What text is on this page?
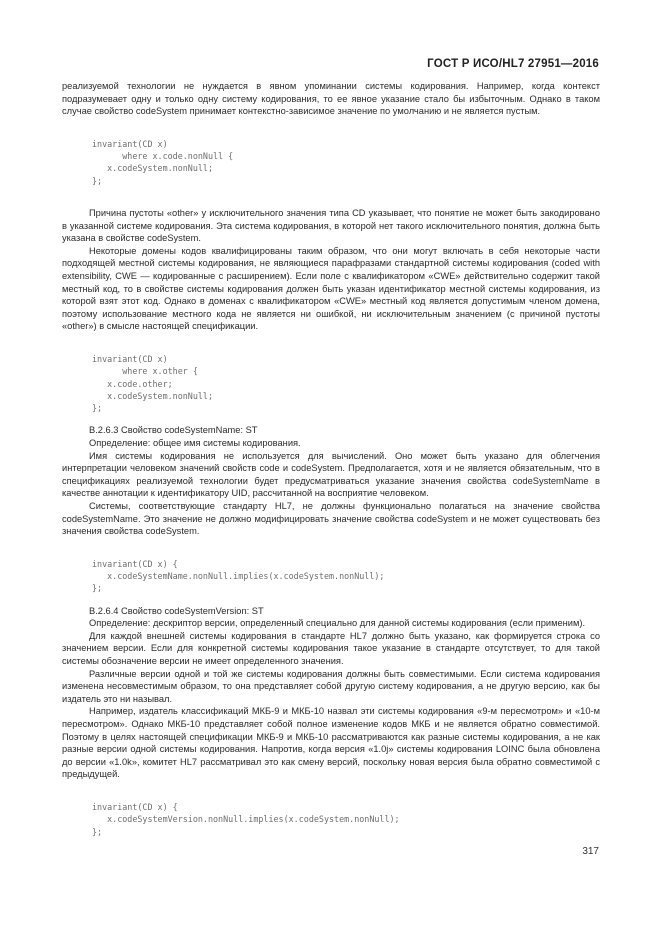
ГОСТ Р ИСО/HL7 27951—2016

реализуемой технологии не нуждается в явном упоминании системы кодирования. Например, когда контекст подразумевает одну и только одну систему кодирования, то ее явное указание стало бы избыточным. Однако в таком случае свойство codeSystem принимает контекстно-зависимое значение по умолчанию и не является пустым.

invariant(CD x)
where x.code.nonNull {
x.codeSystem.nonNull;
};

Причина пустоты «other» у исключительного значения типа CD указывает, что понятие не может быть закодировано в указанной системе кодирования. Эта система кодирования, в которой нет такого исключительного понятия, должна быть указана в свойстве codeSystem.

Некоторые домены кодов квалифицированы таким образом, что они могут включать в себя некоторые части подходящей местной системы кодирования, не являющиеся парафразами стандартной системы кодирования (coded with extensibility, CWE — кодированные с расширением). Если поле с квалификатором «CWE» действительно содержит такой местный код, то в свойстве системы кодирования должен быть указан идентификатор местной системы кодирования, из которой взят этот код. Однако в доменах с квалификатором «CWE» местный код является допустимым членом домена, поэтому использование местного кода не является ни ошибкой, ни исключительным значением (с причиной пустоты «other») в смысле настоящей спецификации.

invariant(CD x)
where x.other {
x.code.other;
x.codeSystem.nonNull;
};

В.2.6.3 Свойство codeSystemName: ST

Определение: общее имя системы кодирования.

Имя системы кодирования не используется для вычислений. Оно может быть указано для облегчения интерпретации человеком значений свойств code и codeSystem. Предполагается, хотя и не является обязательным, что в спецификациях реализуемой технологии будет предусматриваться указание значения свойства codeSystemName в качестве аннотации к идентификатору UID, рассчитанной на восприятие человеком.

Системы, соответствующие стандарту HL7, не должны функционально полагаться на значение свойства codeSystemName. Это значение не должно модифицировать значение свойства codeSystem и не может существовать без значения свойства codeSystem.

invariant(CD x) {
x.codeSystemName.nonNull.implies(x.codeSystem.nonNull);
};

В.2.6.4 Свойство codeSystemVersion: ST

Определение: дескриптор версии, определенный специально для данной системы кодирования (если применим).

Для каждой внешней системы кодирования в стандарте HL7 должно быть указано, как формируется строка со значением версии. Если для конкретной системы кодирования такое указание в стандарте отсутствует, то для такой системы обозначение версии не имеет определенного значения.

Различные версии одной и той же системы кодирования должны быть совместимыми. Если система кодирования изменена несовместимым образом, то она представляет собой другую систему кодирования, а не другую версию, как бы издатель это ни называл.

Например, издатель классификаций МКБ-9 и МКБ-10 назвал эти системы кодирования «9-м пересмотром» и «10-м пересмотром». Однако МКБ-10 представляет собой полное изменение кодов МКБ и не является обратно совместимой. Поэтому в целях настоящей спецификации МКБ-9 и МКБ-10 рассматриваются как разные системы кодирования, а не как разные версии одной системы кодирования. Напротив, когда версия «1.0j» системы кодирования LOINC была обновлена до версии «1.0k», комитет HL7 рассматривал это как смену версий, поскольку новая версия была обратно совместимой с предыдущей.

invariant(CD x) {
x.codeSystemVersion.nonNull.implies(x.codeSystem.nonNull);
};
317
